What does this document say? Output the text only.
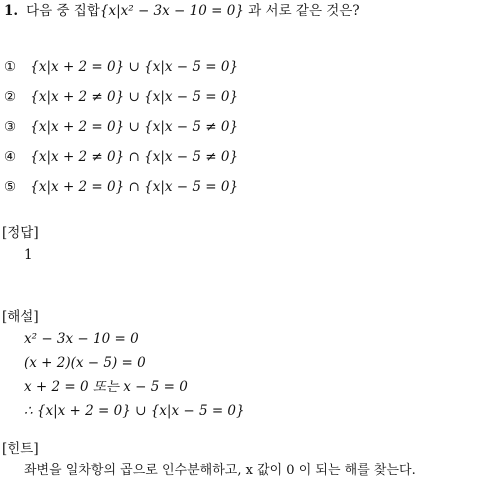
1. 다음 중 집합{x|x² − 3x − 10 = 0} 과 서로 같은 것은?
① {x|x + 2 = 0} ∪ {x|x − 5 = 0}
② {x|x + 2 ≠ 0} ∪ {x|x − 5 = 0}
③ {x|x + 2 = 0} ∪ {x|x − 5 ≠ 0}
④ {x|x + 2 ≠ 0} ∩ {x|x − 5 ≠ 0}
⑤ {x|x + 2 = 0} ∩ {x|x − 5 = 0}
[정답]
1
[해설]
x² − 3x − 10 = 0
(x + 2)(x − 5) = 0
x + 2 = 0 또는 x − 5 = 0
∴ {x|x + 2 = 0} ∪ {x|x − 5 = 0}
[힌트]
좌변을 일차항의 곱으로 인수분해하고, x 값이 0 이 되는 해를 찾는다.
